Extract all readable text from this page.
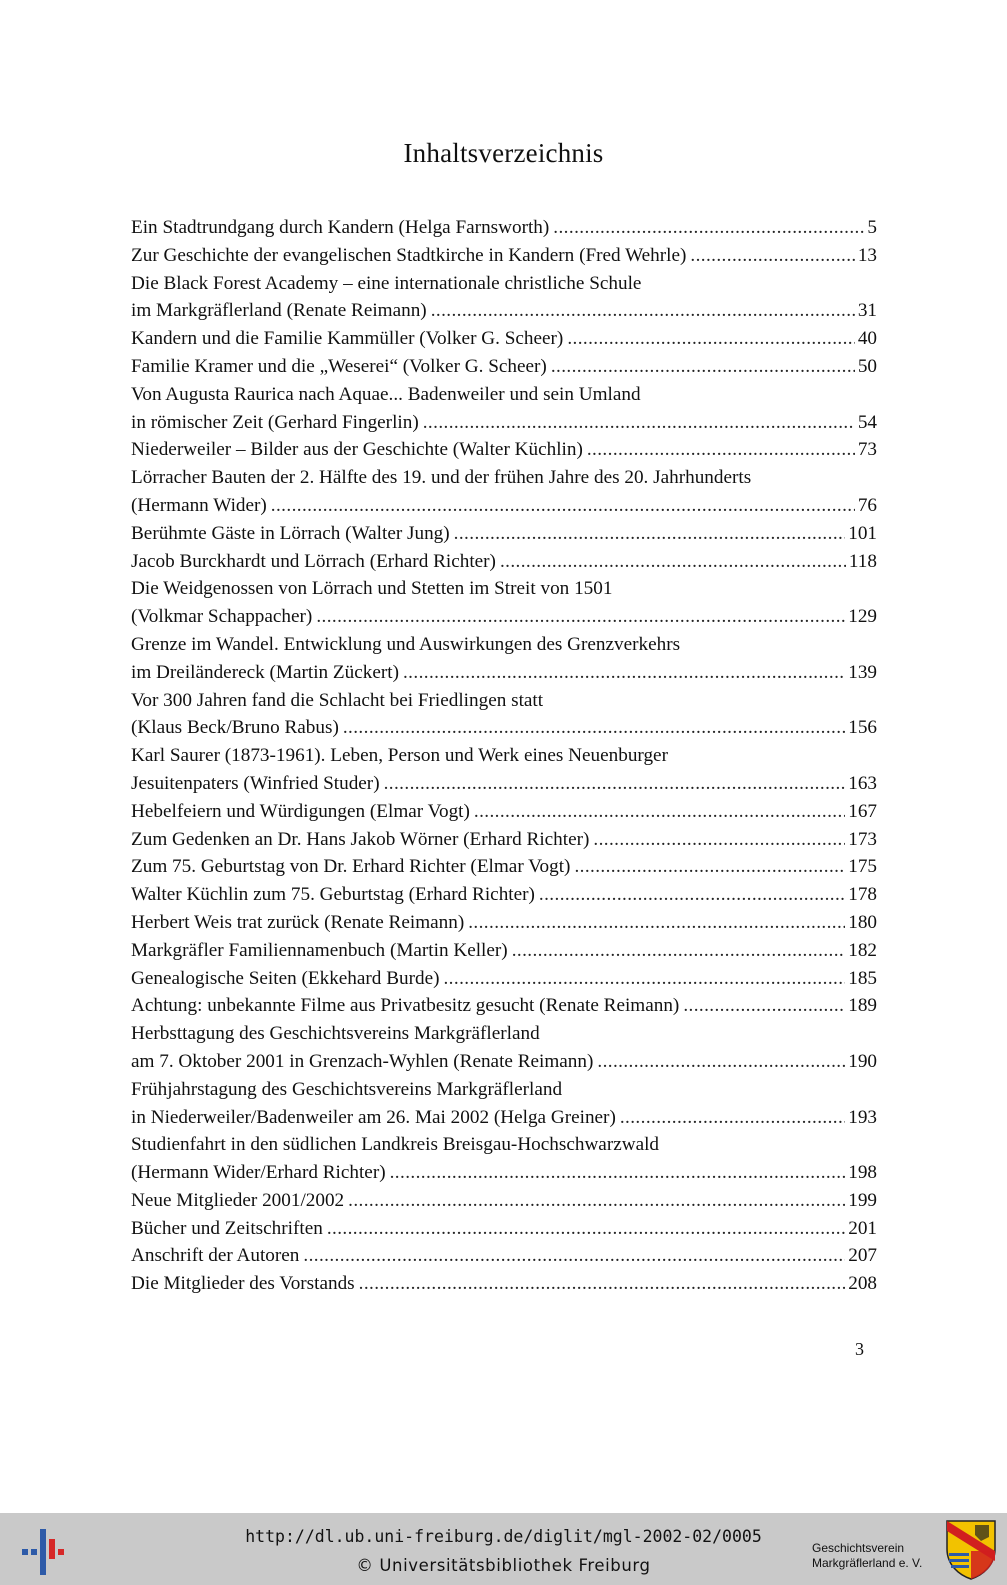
Inhaltsverzeichnis
Ein Stadtrundgang durch Kandern (Helga Farnsworth) . . .	5
Zur Geschichte der evangelischen Stadtkirche in Kandern (Fred Wehrle) . . .	13
Die Black Forest Academy – eine internationale christliche Schule
im Markgräflerland (Renate Reimann) . . .	31
Kandern und die Familie Kammüller (Volker G. Scheer) . . .	40
Familie Kramer und die „Weserei“ (Volker G. Scheer) . . .	50
Von Augusta Raurica nach Aquae... Badenweiler und sein Umland
in römischer Zeit (Gerhard Fingerlin) . . .	54
Niederweiler – Bilder aus der Geschichte (Walter Küchlin) . . .	73
Lörracher Bauten der 2. Hälfte des 19. und der frühen Jahre des 20. Jahrhunderts
(Hermann Wider) . . .	76
Berühmte Gäste in Lörrach (Walter Jung) . . .	101
Jacob Burckhardt und Lörrach (Erhard Richter) . . .	118
Die Weidgenossen von Lörrach und Stetten im Streit von 1501
(Volkmar Schappacher) . . .	129
Grenze im Wandel. Entwicklung und Auswirkungen des Grenzverkehrs
im Dreiländereck (Martin Zückert) . . .	139
Vor 300 Jahren fand die Schlacht bei Friedlingen statt
(Klaus Beck/Bruno Rabus) . . .	156
Karl Saurer (1873-1961). Leben, Person und Werk eines Neuenburger
Jesuitenpaters (Winfried Studer) . . .	163
Hebelfeiern und Würdigungen (Elmar Vogt) . . .	167
Zum Gedenken an Dr. Hans Jakob Wörner (Erhard Richter) . . .	173
Zum 75. Geburtstag von Dr. Erhard Richter (Elmar Vogt) . . .	175
Walter Küchlin zum 75. Geburtstag (Erhard Richter) . . .	178
Herbert Weis trat zurück (Renate Reimann) . . .	180
Markgräfler Familiennamenbuch (Martin Keller) . . .	182
Genealogische Seiten (Ekkehard Burde) . . .	185
Achtung: unbekannte Filme aus Privatbesitz gesucht (Renate Reimann) . . .	189
Herbsttagung des Geschichtsvereins Markgräflerland
am 7. Oktober 2001 in Grenzach-Wyhlen (Renate Reimann) . . .	190
Frühjahrstagung des Geschichtsvereins Markgräflerland
in Niederweiler/Badenweiler am 26. Mai 2002 (Helga Greiner) . . .	193
Studienfahrt in den südlichen Landkreis Breisgau-Hochschwarzwald
(Hermann Wider/Erhard Richter) . . .	198
Neue Mitglieder 2001/2002 . . .	199
Bücher und Zeitschriften . . .	201
Anschrift der Autoren . . .	207
Die Mitglieder des Vorstands . . .	208
3
http://dl.ub.uni-freiburg.de/diglit/mgl-2002-02/0005
© Universitätsbibliothek Freiburg
Geschichtsverein
Markgräflerland e. V.
